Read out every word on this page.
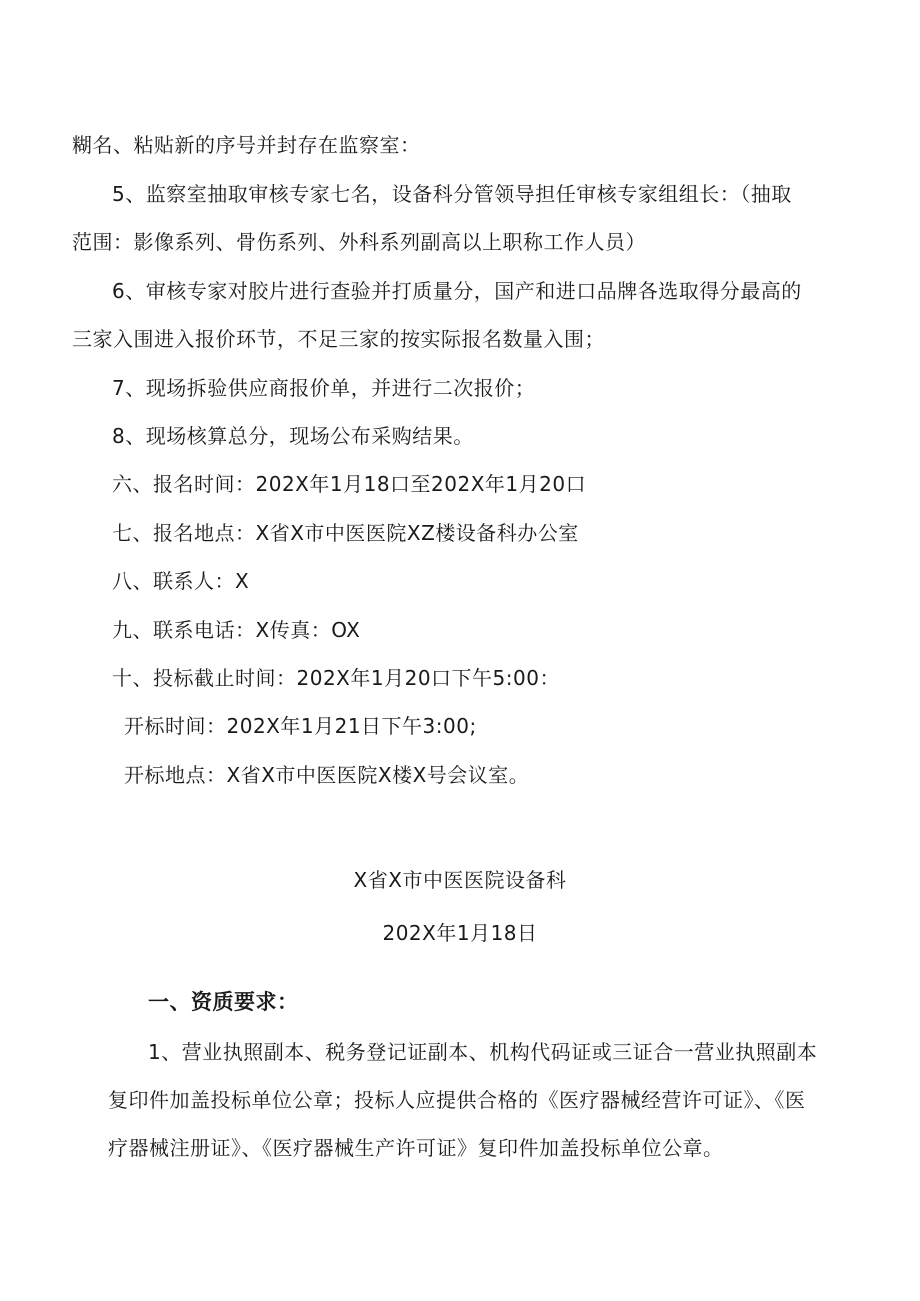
糊名、粘贴新的序号并封存在监察室：
5、监察室抽取审核专家七名，设备科分管领导担任审核专家组组长：（抽取
范围：影像系列、骨伤系列、外科系列副高以上职称工作人员）
6、审核专家对胶片进行查验并打质量分，国产和进口品牌各选取得分最高的
三家入围进入报价环节，不足三家的按实际报名数量入围；
7、现场拆验供应商报价单，并进行二次报价；
8、现场核算总分，现场公布采购结果。
六、报名时间：202X年1月18口至202X年1月20口
七、报名地点：X省X市中医医院XZ楼设备科办公室
八、联系人：X
九、联系电话：X传真：OX
十、投标截止时间：202X年1月20口下午5:00：
开标时间：202X年1月21日下午3:00;
开标地点：X省X市中医医院X楼X号会议室。
X省X市中医医院设备科
202X年1月18日
一、资质要求：
1、营业执照副本、税务登记证副本、机构代码证或三证合一营业执照副本
复印件加盖投标单位公章；投标人应提供合格的《医疗器械经营许可证》、《医
疗器械注册证》、《医疗器械生产许可证》复印件加盖投标单位公章。
